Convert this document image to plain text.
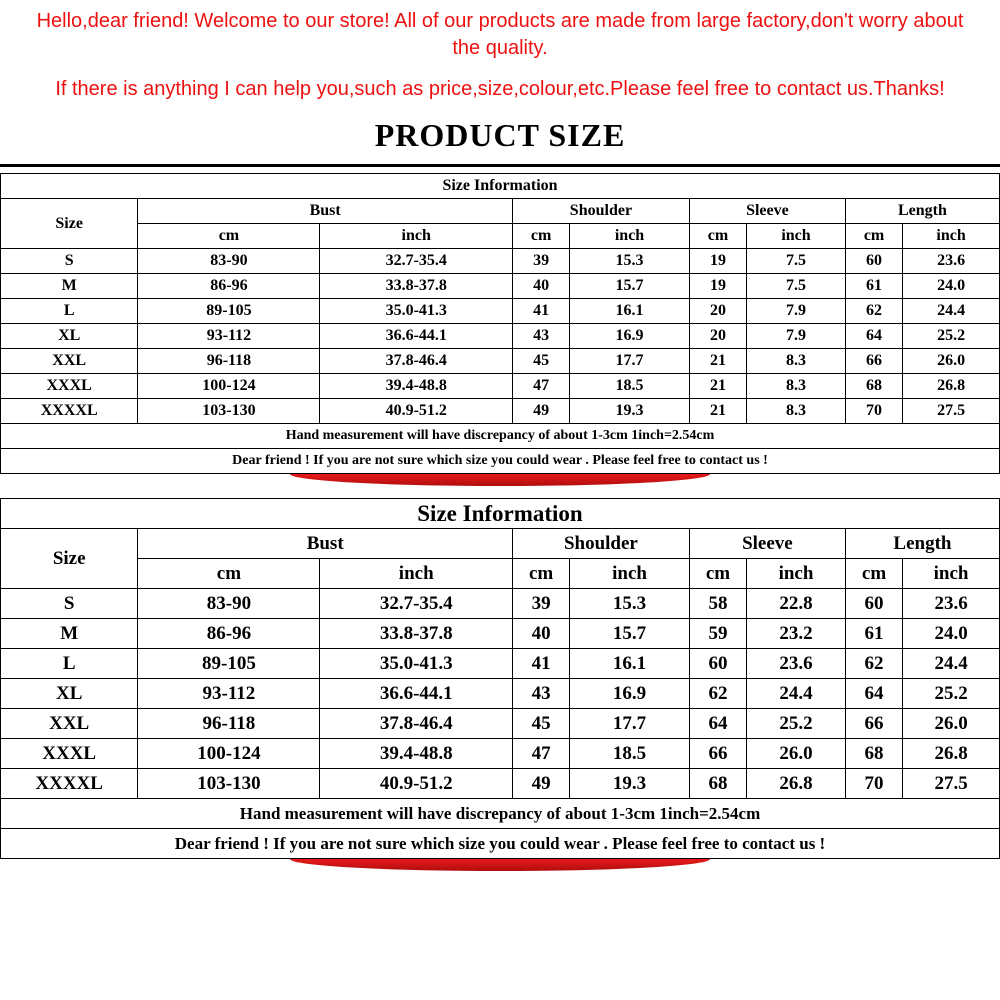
Hello,dear friend! Welcome to our store! All of our products are made from large factory,don't worry about the quality.

If there is anything I can help you,such as price,size,colour,etc.Please feel free to contact us.Thanks!

PRODUCT SIZE
Size Information								
Size	Bust		Shoulder		Sleeve		Length	
	cm	inch	cm	inch	cm	inch	cm	inch
S	83-90	32.7-35.4	39	15.3	19	7.5	60	23.6
M	86-96	33.8-37.8	40	15.7	19	7.5	61	24.0
L	89-105	35.0-41.3	41	16.1	20	7.9	62	24.4
XL	93-112	36.6-44.1	43	16.9	20	7.9	64	25.2
XXL	96-118	37.8-46.4	45	17.7	21	8.3	66	26.0
XXXL	100-124	39.4-48.8	47	18.5	21	8.3	68	26.8
XXXXL	103-130	40.9-51.2	49	19.3	21	8.3	70	27.5
Hand measurement will have discrepancy of about 1-3cm 1inch=2.54cm								
Dear friend ! If you are not sure which size you could wear . Please feel free to contact us !								
Size Information								
Size	Bust		Shoulder		Sleeve		Length	
	cm	inch	cm	inch	cm	inch	cm	inch
S	83-90	32.7-35.4	39	15.3	58	22.8	60	23.6
M	86-96	33.8-37.8	40	15.7	59	23.2	61	24.0
L	89-105	35.0-41.3	41	16.1	60	23.6	62	24.4
XL	93-112	36.6-44.1	43	16.9	62	24.4	64	25.2
XXL	96-118	37.8-46.4	45	17.7	64	25.2	66	26.0
XXXL	100-124	39.4-48.8	47	18.5	66	26.0	68	26.8
XXXXL	103-130	40.9-51.2	49	19.3	68	26.8	70	27.5
Hand measurement will have discrepancy of about 1-3cm 1inch=2.54cm								
Dear friend ! If you are not sure which size you could wear . Please feel free to contact us !								
